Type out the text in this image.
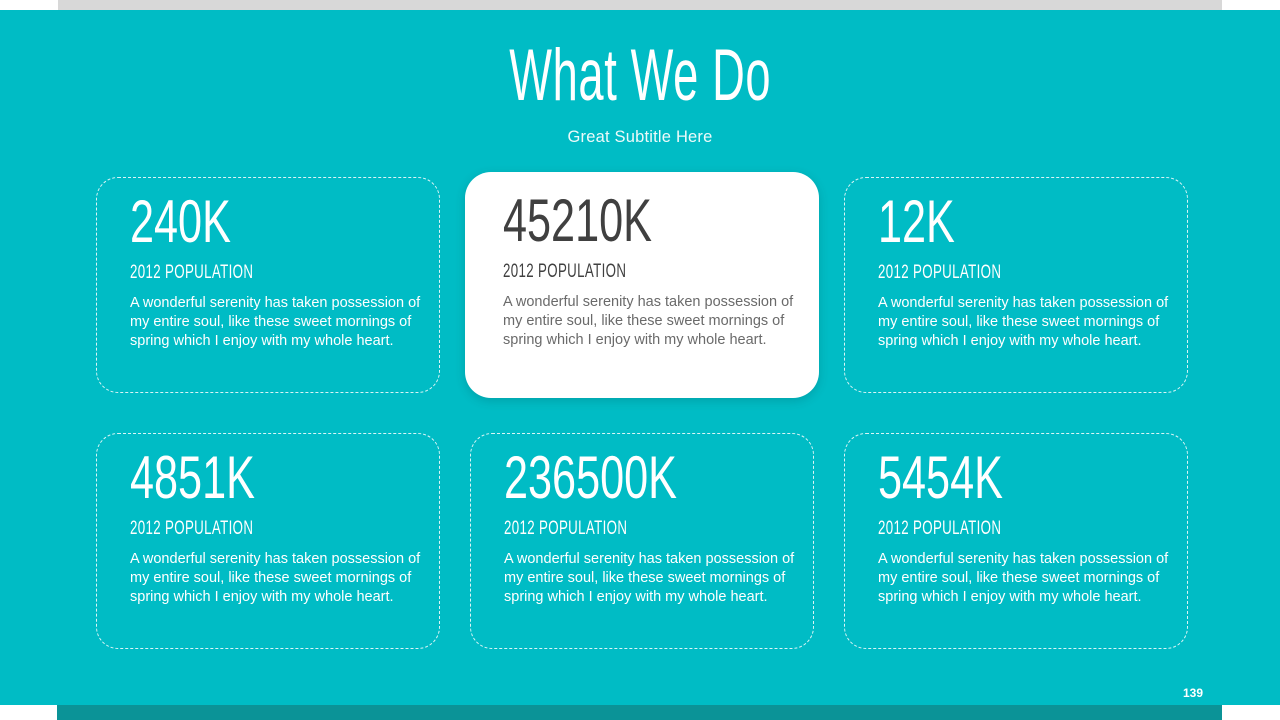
What We Do
Great Subtitle Here
240K
2012 POPULATION

A wonderful serenity has taken possession of my entire soul, like these sweet mornings of spring which I enjoy with my whole heart.

45210K
2012 POPULATION

A wonderful serenity has taken possession of my entire soul, like these sweet mornings of spring which I enjoy with my whole heart.

12K
2012 POPULATION

A wonderful serenity has taken possession of my entire soul, like these sweet mornings of spring which I enjoy with my whole heart.

4851K
2012 POPULATION

A wonderful serenity has taken possession of my entire soul, like these sweet mornings of spring which I enjoy with my whole heart.

236500K
2012 POPULATION

A wonderful serenity has taken possession of my entire soul, like these sweet mornings of spring which I enjoy with my whole heart.

5454K
2012 POPULATION

A wonderful serenity has taken possession of my entire soul, like these sweet mornings of spring which I enjoy with my whole heart.

139
